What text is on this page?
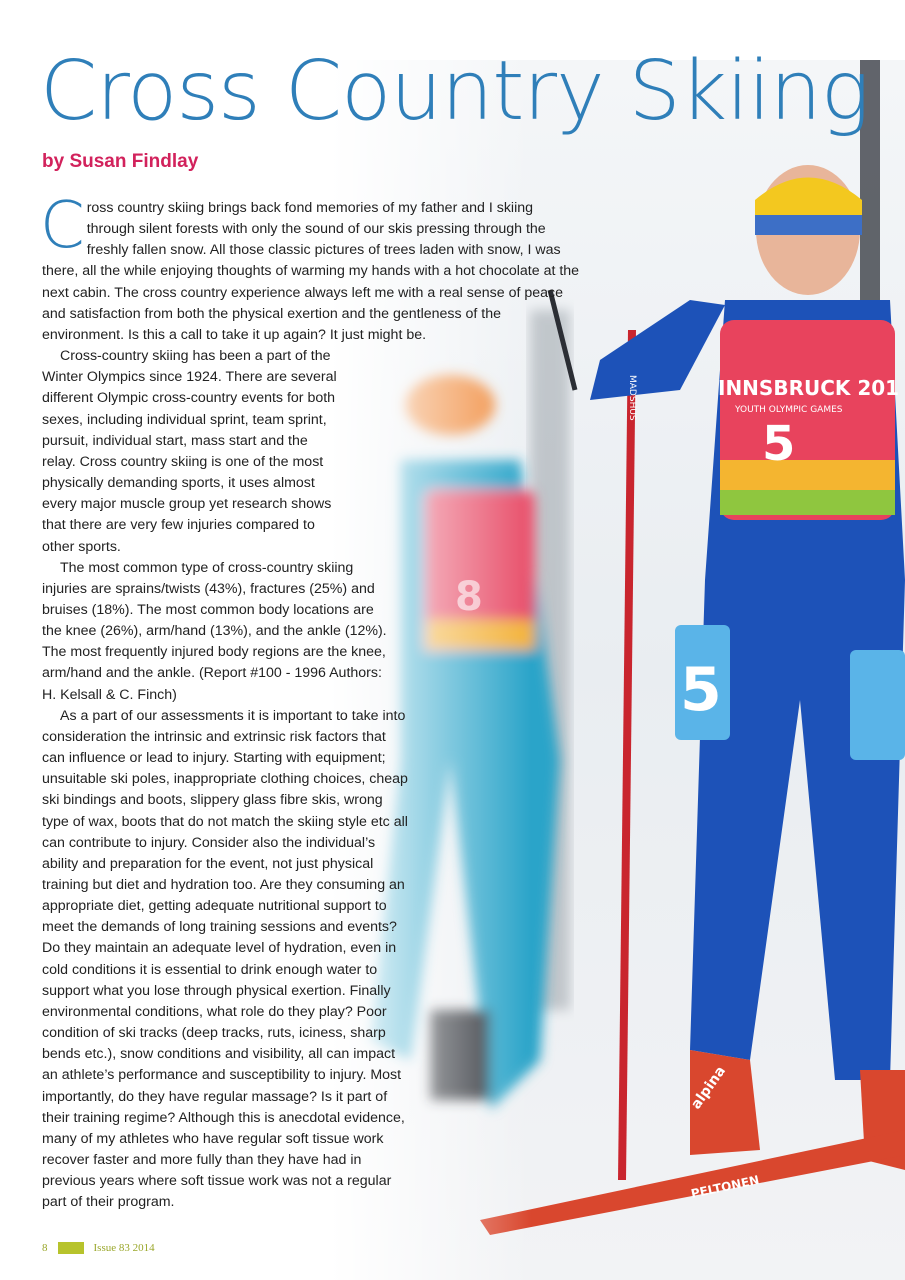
Cross Country Skiing
by Susan Findlay

Cross country skiing brings back fond memories of my father and I skiing through silent forests with only the sound of our skis pressing through the freshly fallen snow. All those classic pictures of trees laden with snow, I was there, all the while enjoying thoughts of warming my hands with a hot chocolate at the next cabin. The cross country experience always left me with a real sense of peace and satisfaction from both the physical exertion and the gentleness of the environment. Is this a call to take it up again? It just might be.

Cross-country skiing has been a part of the Winter Olympics since 1924. There are several different Olympic cross-country events for both sexes, including individual sprint, team sprint, pursuit, individual start, mass start and the relay. Cross country skiing is one of the most physically demanding sports, it uses almost every major muscle group yet research shows that there are very few injuries compared to other sports.

The most common type of cross-country skiing injuries are sprains/twists (43%), fractures (25%) and bruises (18%). The most common body locations are the knee (26%), arm/hand (13%), and the ankle (12%). The most frequently injured body regions are the knee, arm/hand and the ankle. (Report #100 - 1996 Authors: H. Kelsall & C. Finch)

As a part of our assessments it is important to take into consideration the intrinsic and extrinsic risk factors that can influence or lead to injury. Starting with equipment; unsuitable ski poles, inappropriate clothing choices, cheap ski bindings and boots, slippery glass fibre skis, wrong type of wax, boots that do not match the skiing style etc all can contribute to injury. Consider also the individual’s ability and preparation for the event, not just physical training but diet and hydration too. Are they consuming an appropriate diet, getting adequate nutritional support to meet the demands of long training sessions and events? Do they maintain an adequate level of hydration, even in cold conditions it is essential to drink enough water to support what you lose through physical exertion. Finally environmental conditions, what role do they play? Poor condition of ski tracks (deep tracks, ruts, iciness, sharp bends etc.), snow conditions and visibility, all can impact an athlete’s performance and susceptibility to injury. Most importantly, do they have regular massage? Is it part of their training regime? Although this is anecdotal evidence, many of my athletes who have regular soft tissue work recover faster and more fully than they have had in previous years where soft tissue work was not a regular part of their program.

8	Issue 83 2014
